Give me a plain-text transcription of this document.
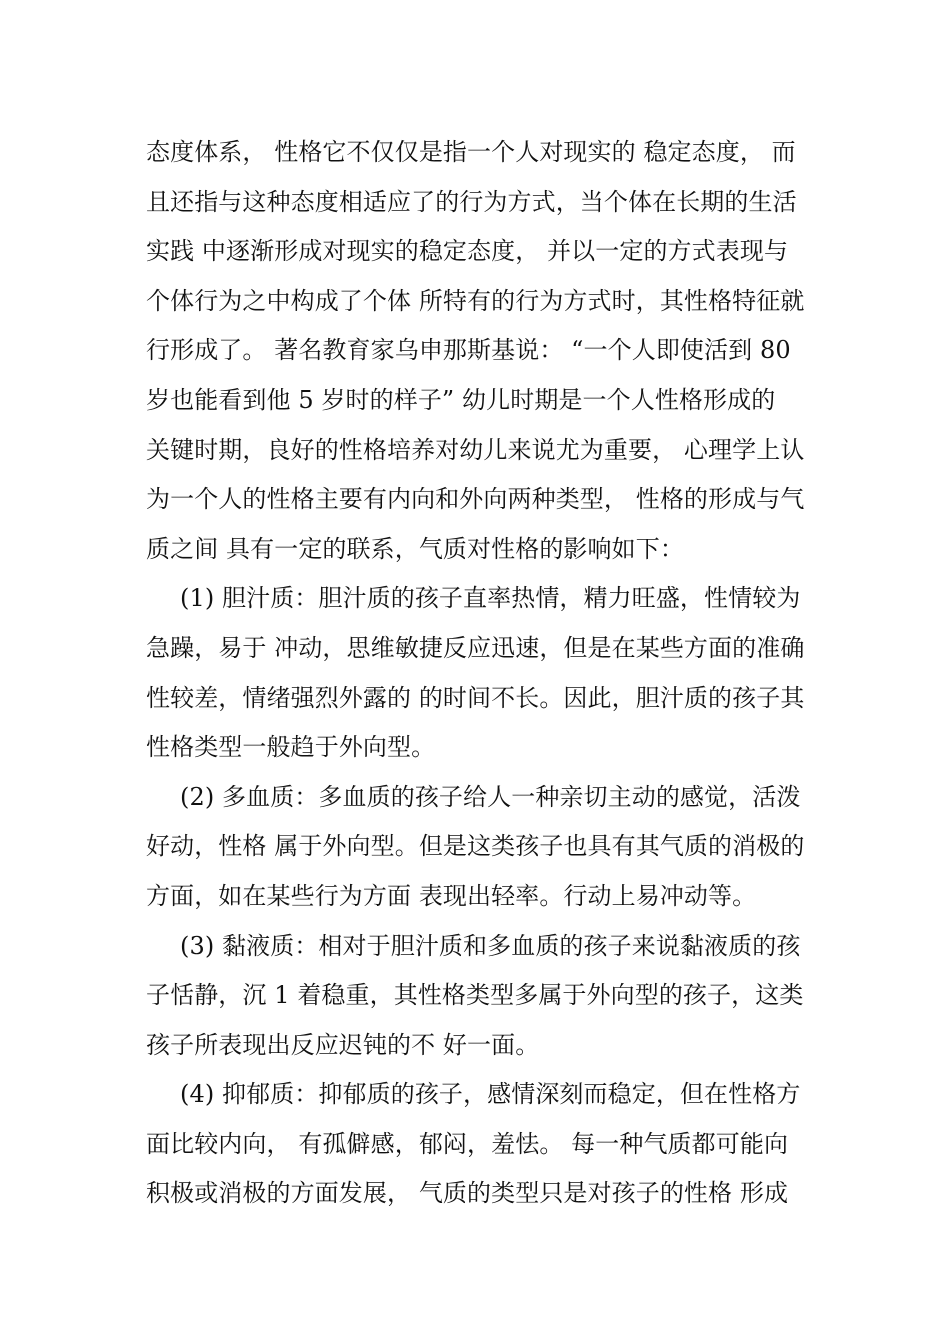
态度体系， 性格它不仅仅是指一个人对现实的 稳定态度， 而
且还指与这种态度相适应了的行为方式，当个体在长期的生活
实践 中逐渐形成对现实的稳定态度， 并以一定的方式表现与
个体行为之中构成了个体 所特有的行为方式时，其性格特征就
行形成了。 著名教育家乌申那斯基说： “一个人即使活到 80
岁也能看到他 5 岁时的样子” 幼儿时期是一个人性格形成的
关键时期，良好的性格培养对幼儿来说尤为重要， 心理学上认
为一个人的性格主要有内向和外向两种类型， 性格的形成与气
质之间 具有一定的联系，气质对性格的影响如下：
(1) 胆汁质：胆汁质的孩子直率热情，精力旺盛，性情较为
急躁，易于 冲动，思维敏捷反应迅速，但是在某些方面的准确
性较差，情绪强烈外露的 的时间不长。因此，胆汁质的孩子其
性格类型一般趋于外向型。
(2) 多血质：多血质的孩子给人一种亲切主动的感觉，活泼
好动，性格 属于外向型。但是这类孩子也具有其气质的消极的
方面，如在某些行为方面 表现出轻率。行动上易冲动等。
(3) 黏液质：相对于胆汁质和多血质的孩子来说黏液质的孩
子恬静，沉 1 着稳重，其性格类型多属于外向型的孩子，这类
孩子所表现出反应迟钝的不 好一面。
(4) 抑郁质：抑郁质的孩子，感情深刻而稳定，但在性格方
面比较内向， 有孤僻感，郁闷，羞怯。 每一种气质都可能向
积极或消极的方面发展， 气质的类型只是对孩子的性格 形成
